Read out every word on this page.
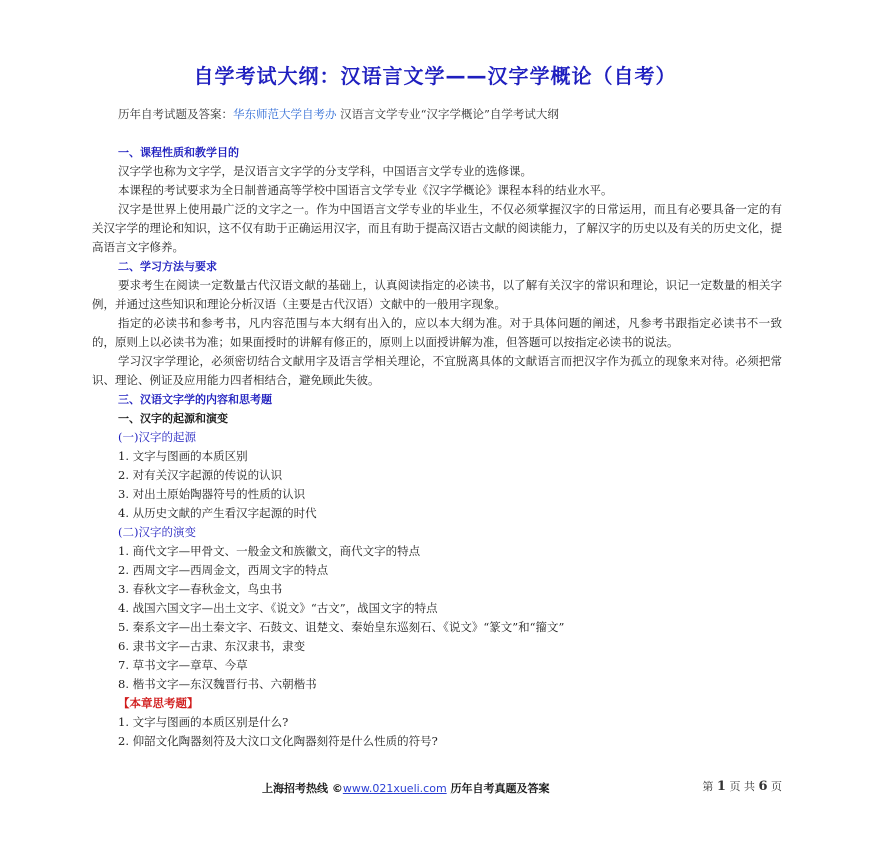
自学考试大纲：汉语言文学——汉字学概论（自考）
历年自考试题及答案：华东师范大学自考办 汉语言文学专业“汉字学概论”自学考试大纲
一、课程性质和教学目的
汉字学也称为文字学，是汉语言文字学的分支学科，中国语言文学专业的选修课。
本课程的考试要求为全日制普通高等学校中国语言文学专业《汉字学概论》课程本科的结业水平。
汉字是世界上使用最广泛的文字之一。作为中国语言文学专业的毕业生，不仅必须掌握汉字的日常运用，而且有必要具备一定的有关汉字学的理论和知识，这不仅有助于正确运用汉字，而且有助于提高汉语古文献的阅读能力，了解汉字的历史以及有关的历史文化，提高语言文字修养。
二、学习方法与要求
要求考生在阅读一定数量古代汉语文献的基础上，认真阅读指定的必读书，以了解有关汉字的常识和理论，识记一定数量的相关字例，并通过这些知识和理论分析汉语（主要是古代汉语）文献中的一般用字现象。
指定的必读书和参考书，凡内容范围与本大纲有出入的，应以本大纲为准。对于具体问题的阐述，凡参考书跟指定必读书不一致的，原则上以必读书为准；如果面授时的讲解有修正的，原则上以面授讲解为准，但答题可以按指定必读书的说法。
学习汉字学理论，必须密切结合文献用字及语言学相关理论，不宜脱离具体的文献语言而把汉字作为孤立的现象来对待。必须把常识、理论、例证及应用能力四者相结合，避免顾此失彼。
三、汉语文字学的内容和思考题
一、汉字的起源和演变
(一)汉字的起源
1. 文字与图画的本质区别
2. 对有关汉字起源的传说的认识
3. 对出土原始陶器符号的性质的认识
4. 从历史文献的产生看汉字起源的时代
(二)汉字的演变
1. 商代文字—甲骨文、一般金文和族徽文，商代文字的特点
2. 西周文字—西周金文，西周文字的特点
3. 春秋文字—春秋金文，鸟虫书
4. 战国六国文字—出土文字、《说文》“古文”，战国文字的特点
5. 秦系文字—出土秦文字、石鼓文、诅楚文、秦始皇东巡刻石、《说文》“篆文”和“籀文”
6. 隶书文字—古隶、东汉隶书，隶变
7. 草书文字—章草、今草
8. 楷书文字—东汉魏晋行书、六朝楷书
【本章思考题】
1. 文字与图画的本质区别是什么?
2. 仰韶文化陶器刻符及大汶口文化陶器刻符是什么性质的符号?
上海招考热线 ©www.021xueli.com 历年自考真题及答案	第 1 页 共 6 页
